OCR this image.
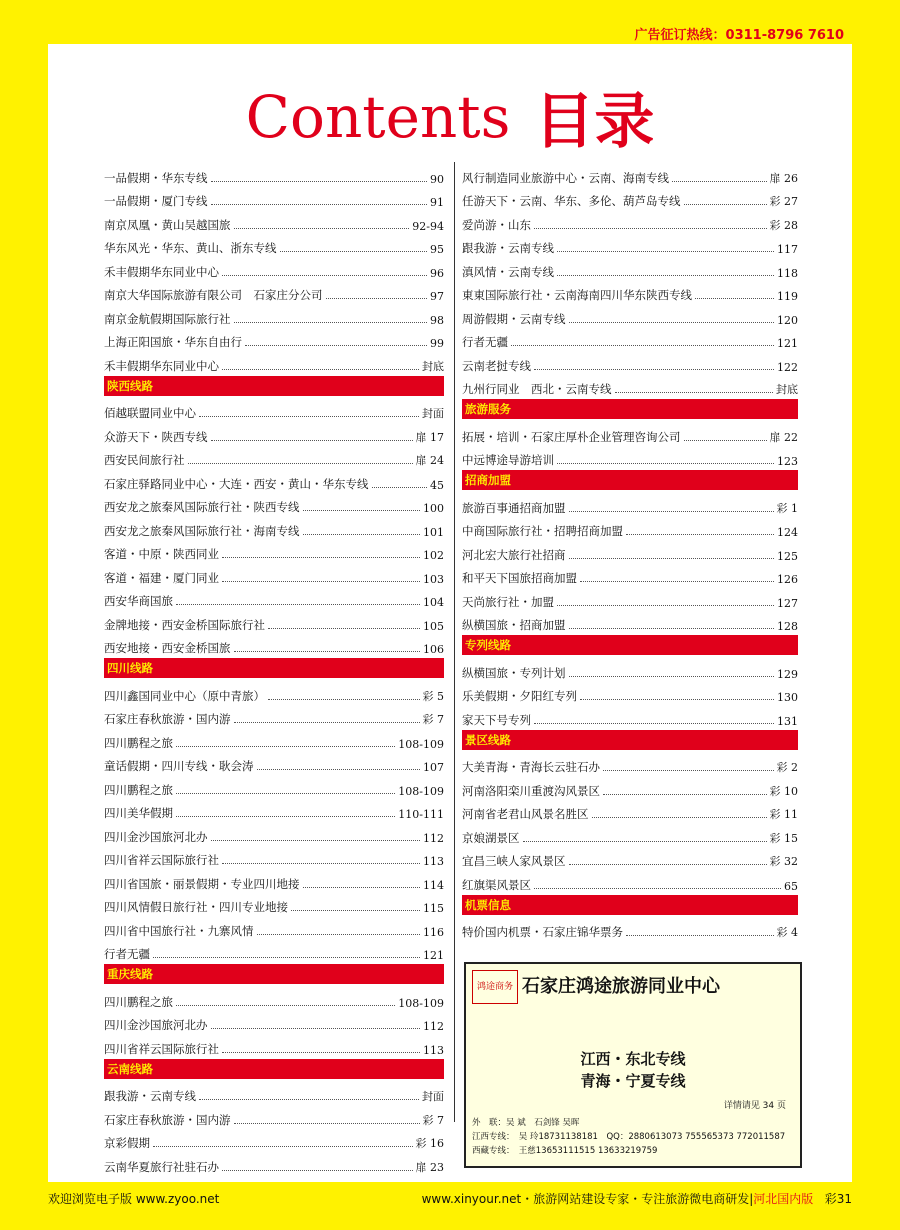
广告征订热线：0311-8796 7610
Contents 目录
一品假期・华东专线	90
一品假期・厦门专线	91
南京凤凰・黄山吴越国旅	92-94
华东风光・华东、黄山、浙东专线	95
禾丰假期华东同业中心	96
南京大华国际旅游有限公司　石家庄分公司	97
南京金航假期国际旅行社	98
上海正阳国旅・华东自由行	99
禾丰假期华东同业中心	封底
陕西线路
佰越联盟同业中心	封面
众游天下・陕西专线	扉 17
西安民间旅行社	扉 24
石家庄驿路同业中心・大连・西安・黄山・华东专线	45
西安龙之旅秦风国际旅行社・陕西专线	100
西安龙之旅秦风国际旅行社・海南专线	101
客道・中原・陕西同业	102
客道・福建・厦门同业	103
西安华商国旅	104
金牌地接・西安金桥国际旅行社	105
西安地接・西安金桥国旅	106
四川线路
四川鑫国同业中心（原中青旅）	彩 5
石家庄春秋旅游・国内游	彩 7
四川鹏程之旅	108-109
童话假期・四川专线・耿会涛	107
四川鹏程之旅	108-109
四川美华假期	110-111
四川金沙国旅河北办	112
四川省祥云国际旅行社	113
四川省国旅・丽景假期・专业四川地接	114
四川风情假日旅行社・四川专业地接	115
四川省中国旅行社・九寨风情	116
行者无疆	121
重庆线路
四川鹏程之旅	108-109
四川金沙国旅河北办	112
四川省祥云国际旅行社	113
云南线路
跟我游・云南专线	封面
石家庄春秋旅游・国内游	彩 7
京彩假期	彩 16
云南华夏旅行社驻石办	扉 23
风行制造同业旅游中心・云南、海南专线	扉 26
任游天下・云南、华东、多伦、葫芦岛专线	彩 27
爱尚游・山东	彩 28
跟我游・云南专线	117
滇风情・云南专线	118
東東国际旅行社・云南海南四川华东陕西专线	119
周游假期・云南专线	120
行者无疆	121
云南老挝专线	122
九州行同业　西北・云南专线	封底
旅游服务
拓展・培训・石家庄厚朴企业管理咨询公司	扉 22
中远博途导游培训	123
招商加盟
旅游百事通招商加盟	彩 1
中商国际旅行社・招聘招商加盟	124
河北宏大旅行社招商	125
和平天下国旅招商加盟	126
天尚旅行社・加盟	127
纵横国旅・招商加盟	128
专列线路
纵横国旅・专列计划	129
乐美假期・夕阳红专列	130
家天下号专列	131
景区线路
大美青海・青海长云驻石办	彩 2
河南洛阳栾川重渡沟风景区	彩 10
河南省老君山风景名胜区	彩 11
京娘湖景区	彩 15
宜昌三峡人家风景区	彩 32
红旗渠风景区	65
机票信息
特价国内机票・石家庄锦华票务	彩 4
鸿途商务 石家庄鸿途旅游同业中心
江西・东北专线
青海・宁夏专线
详情请见 34 页
外　联：吴 斌　石剑锋 吴晖
江西专线：　吴 玲18731138181　QQ：2880613073 755565373 772011587
西藏专线：　王慈13653111515 13633219759
欢迎浏览电子版 www.zyoo.net	www.xinyour.net・旅游网站建设专家・专注旅游微电商研发|河北国内版 彩31
